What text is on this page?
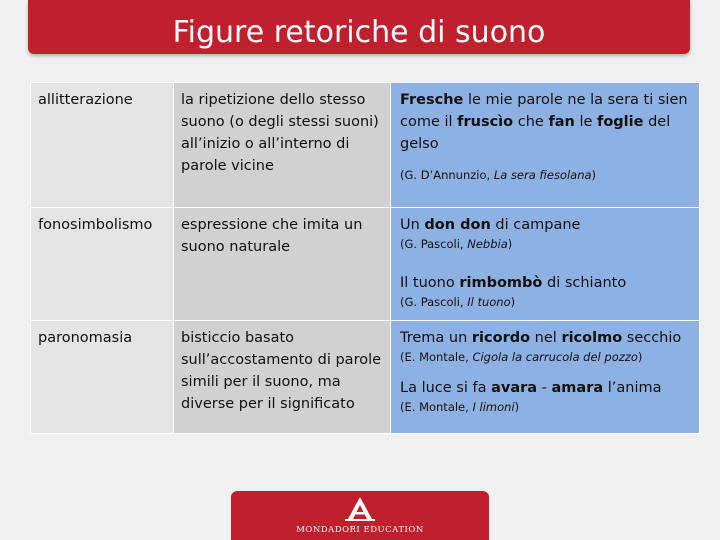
Figure retoriche di suono
allitterazione	la ripetizione dello stesso suono (o degli stessi suoni) all’inizio o all’interno di parole vicine	Fresche le mie parole ne la sera ti sien come il fruscìo che fan le foglie del gelso
(G. D’Annunzio, La sera fiesolana)

fonosimbolismo	espressione che imita un suono naturale	Un don don di campane
(G. Pascoli, Nebbia)
Il tuono rimbombò di schianto
(G. Pascoli, Il tuono)

paronomasia	bisticcio basato sull’accostamento di parole simili per il suono, ma diverse per il significato	Trema un ricordo nel ricolmo secchio
(E. Montale, Cigola la carrucola del pozzo)
La luce si fa avara - amara l’anima
(E. Montale, I limoni)
MONDADORI EDUCATION
